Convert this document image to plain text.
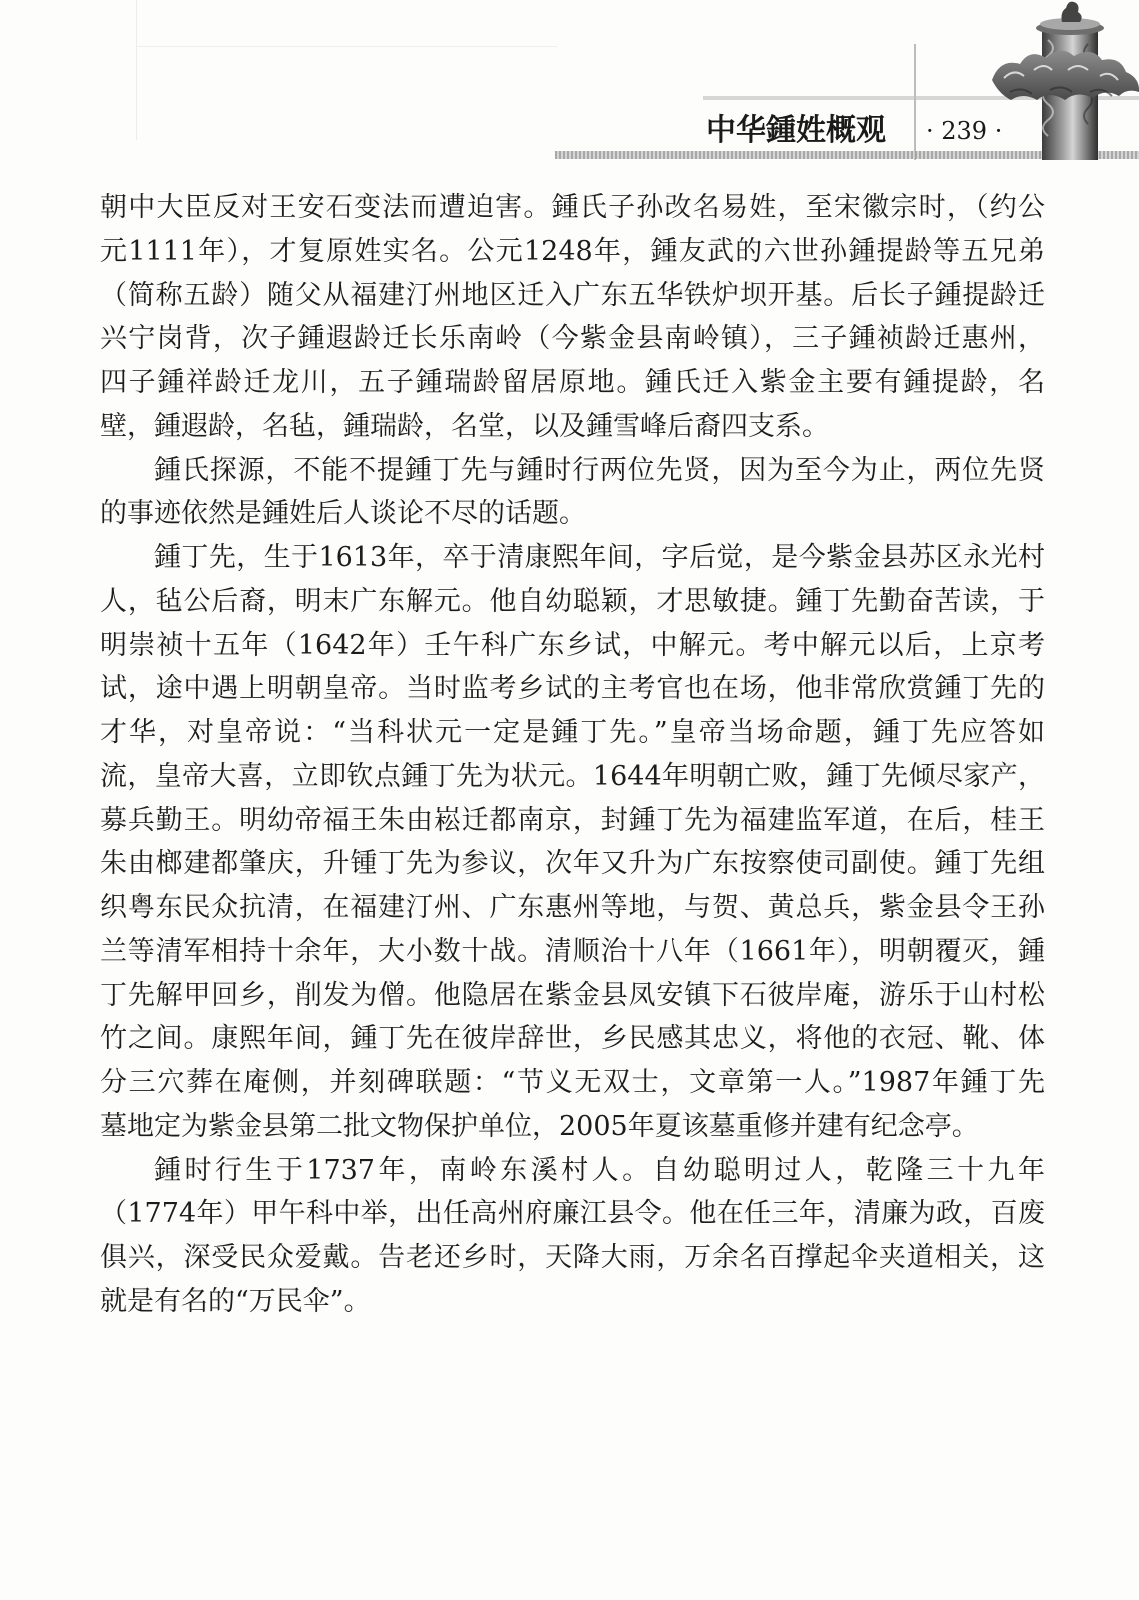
中华鍾姓概观 · 239 ·
朝中大臣反对王安石变法而遭迫害。鍾氏子孙改名易姓，至宋徽宗时，（约公
元1111年），才复原姓实名。公元1248年，鍾友武的六世孙鍾提龄等五兄弟
（简称五龄）随父从福建汀州地区迁入广东五华铁炉坝开基。后长子鍾提龄迁
兴宁岗背，次子鍾遐龄迁长乐南岭（今紫金县南岭镇），三子鍾祯龄迁惠州，
四子鍾祥龄迁龙川，五子鍾瑞龄留居原地。鍾氏迁入紫金主要有鍾提龄，名
壁，鍾遐龄，名毡，鍾瑞龄，名堂，以及鍾雪峰后裔四支系。
鍾氏探源，不能不提鍾丁先与鍾时行两位先贤，因为至今为止，两位先贤
的事迹依然是鍾姓后人谈论不尽的话题。
鍾丁先，生于1613年，卒于清康熙年间，字后觉，是今紫金县苏区永光村
人，毡公后裔，明末广东解元。他自幼聪颖，才思敏捷。鍾丁先勤奋苦读，于
明崇祯十五年（1642年）壬午科广东乡试，中解元。考中解元以后，上京考
试，途中遇上明朝皇帝。当时监考乡试的主考官也在场，他非常欣赏鍾丁先的
才华，对皇帝说：“当科状元一定是鍾丁先。”皇帝当场命题，鍾丁先应答如
流，皇帝大喜，立即钦点鍾丁先为状元。1644年明朝亡败，鍾丁先倾尽家产，
募兵勤王。明幼帝福王朱由崧迁都南京，封鍾丁先为福建监军道，在后，桂王
朱由榔建都肇庆，升锺丁先为参议，次年又升为广东按察使司副使。鍾丁先组
织粤东民众抗清，在福建汀州、广东惠州等地，与贺、黄总兵，紫金县令王孙
兰等清军相持十余年，大小数十战。清顺治十八年（1661年），明朝覆灭，鍾
丁先解甲回乡，削发为僧。他隐居在紫金县凤安镇下石彼岸庵，游乐于山村松
竹之间。康熙年间，鍾丁先在彼岸辞世，乡民感其忠义，将他的衣冠、靴、体
分三穴葬在庵侧，并刻碑联题：“节义无双士，文章第一人。”1987年鍾丁先
墓地定为紫金县第二批文物保护单位，2005年夏该墓重修并建有纪念亭。
鍾时行生于1737年，南岭东溪村人。自幼聪明过人，乾隆三十九年
（1774年）甲午科中举，出任高州府廉江县令。他在任三年，清廉为政，百废
俱兴，深受民众爱戴。告老还乡时，天降大雨，万余名百撑起伞夹道相关，这
就是有名的“万民伞”。
